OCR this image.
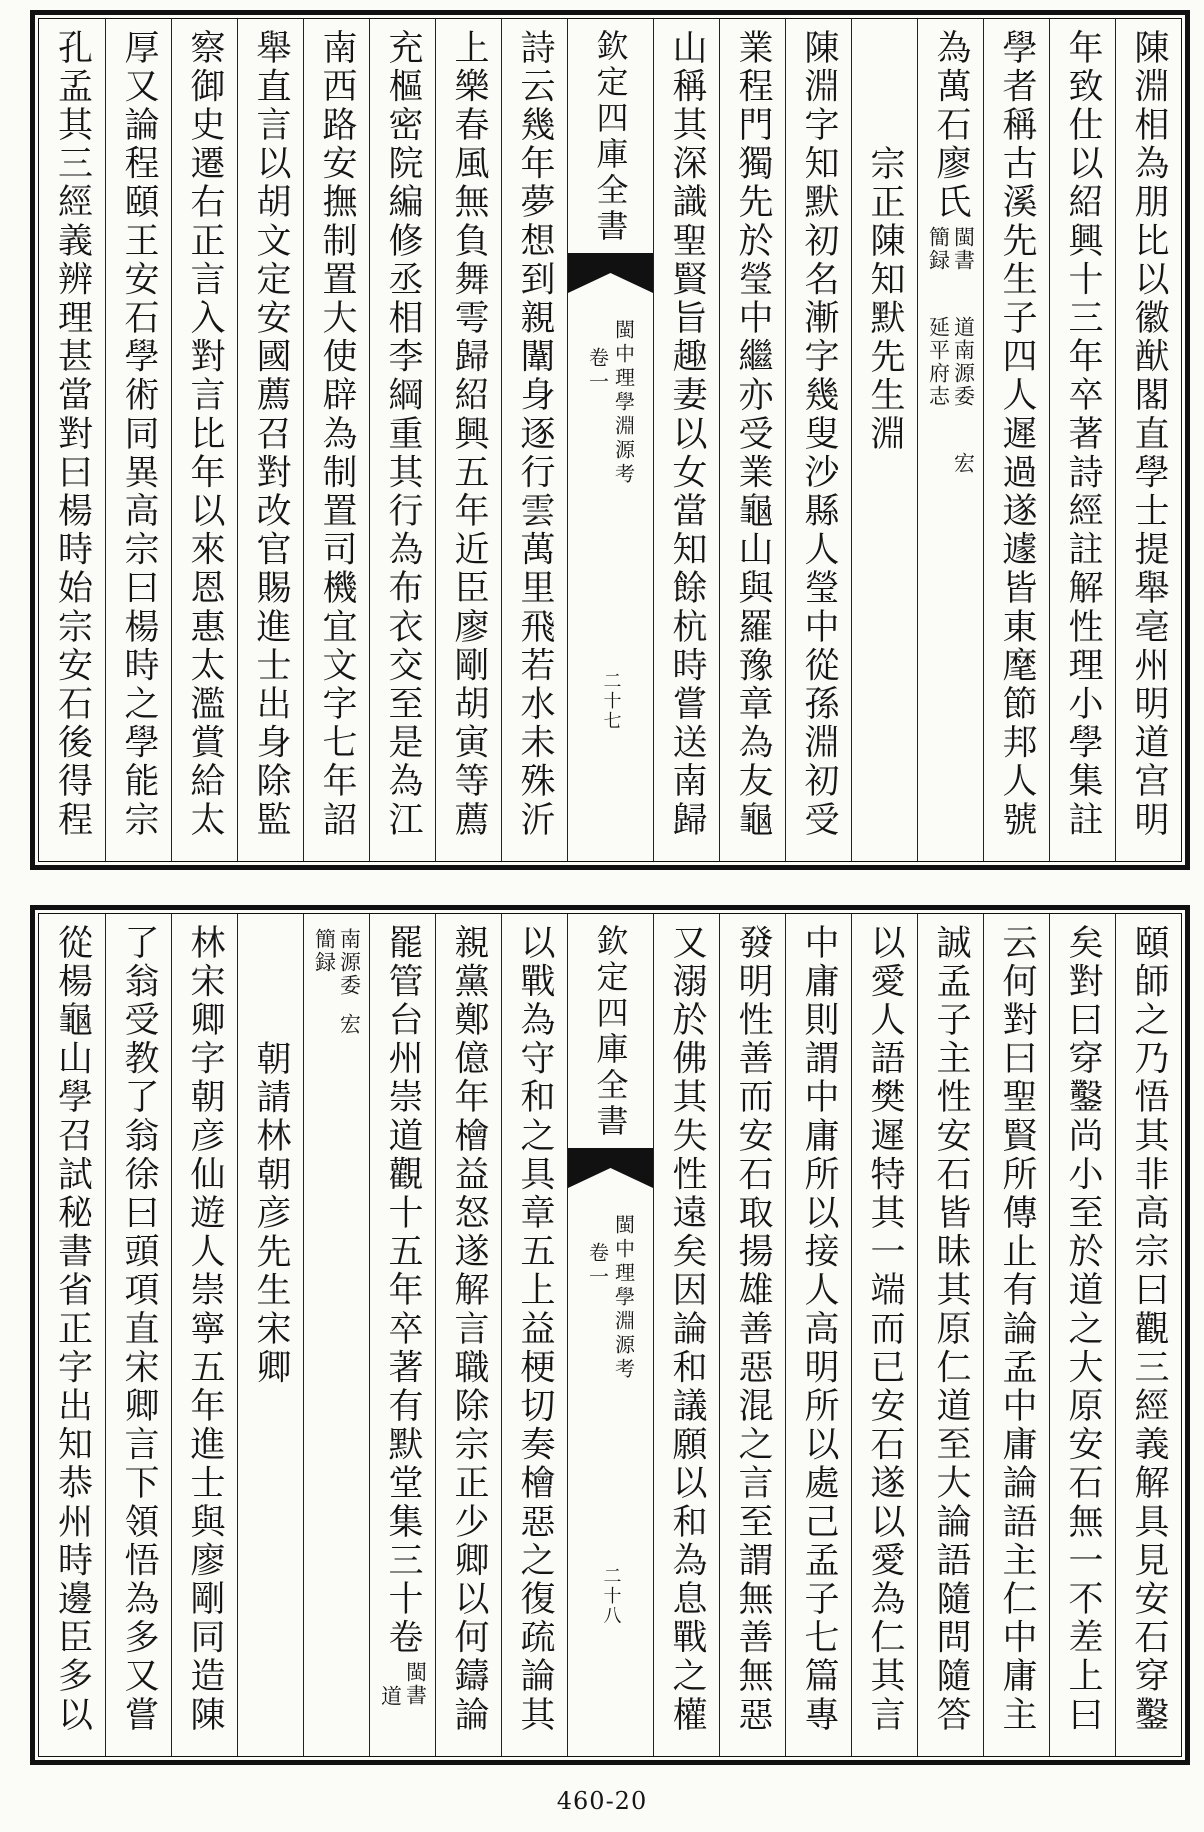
陳淵相為朋比以徽猷閣直學士提舉亳州明道宫明
年致仕以紹興十三年卒著詩經註解性理小學集註
學者稱古溪先生子四人遲過遂遽皆東麾節邦人號
為萬石廖氏
閩書
道南源委
宏
簡録
延平府志
宗正陳知默先生淵
陳淵字知默初名漸字幾叟沙縣人瑩中從孫淵初受
業程門獨先於瑩中繼亦受業龜山與羅豫章為友龜
山稱其深識聖賢旨趣妻以女當知餘杭時嘗送南歸
欽定四庫全書
閩中理學淵源考
卷一
二十七
詩云幾年夢想到親闈身逐行雲萬里飛若水未殊沂
上樂春風無負舞雩歸紹興五年近臣廖剛胡寅等薦
充樞密院編修丞相李綱重其行為布衣交至是為江
南西路安撫制置大使辟為制置司機宜文字七年詔
舉直言以胡文定安國薦召對改官賜進士出身除監
察御史遷右正言入對言比年以來恩惠太濫賞給太
厚又論程頤王安石學術同異高宗曰楊時之學能宗
孔孟其三經義辨理甚當對曰楊時始宗安石後得程
頤師之乃悟其非高宗曰觀三經義解具見安石穿鑿
矣對曰穿鑿尚小至於道之大原安石無一不差上曰
云何對曰聖賢所傳止有論孟中庸論語主仁中庸主
誠孟子主性安石皆昧其原仁道至大論語隨問隨答
以愛人語樊遲特其一端而已安石遂以愛為仁其言
中庸則謂中庸所以接人高明所以處己孟子七篇專
發明性善而安石取揚雄善惡混之言至謂無善無惡
又溺於佛其失性遠矣因論和議願以和為息戰之權
欽定四庫全書
閩中理學淵源考
卷一
二十八
以戰為守和之具章五上益梗切奏檜惡之復疏論其
親黨鄭億年檜益怒遂解言職除宗正少卿以何鑄論
罷管台州崇道觀十五年卒著有默堂集三十卷
閩書
道
南源委
宏
簡録
朝請林朝彦先生宋卿
林宋卿字朝彦仙遊人崇寧五年進士與廖剛同造陳
了翁受教了翁徐曰頭項直宋卿言下領悟為多又嘗
從楊龜山學召試秘書省正字出知恭州時邊臣多以
460-20
